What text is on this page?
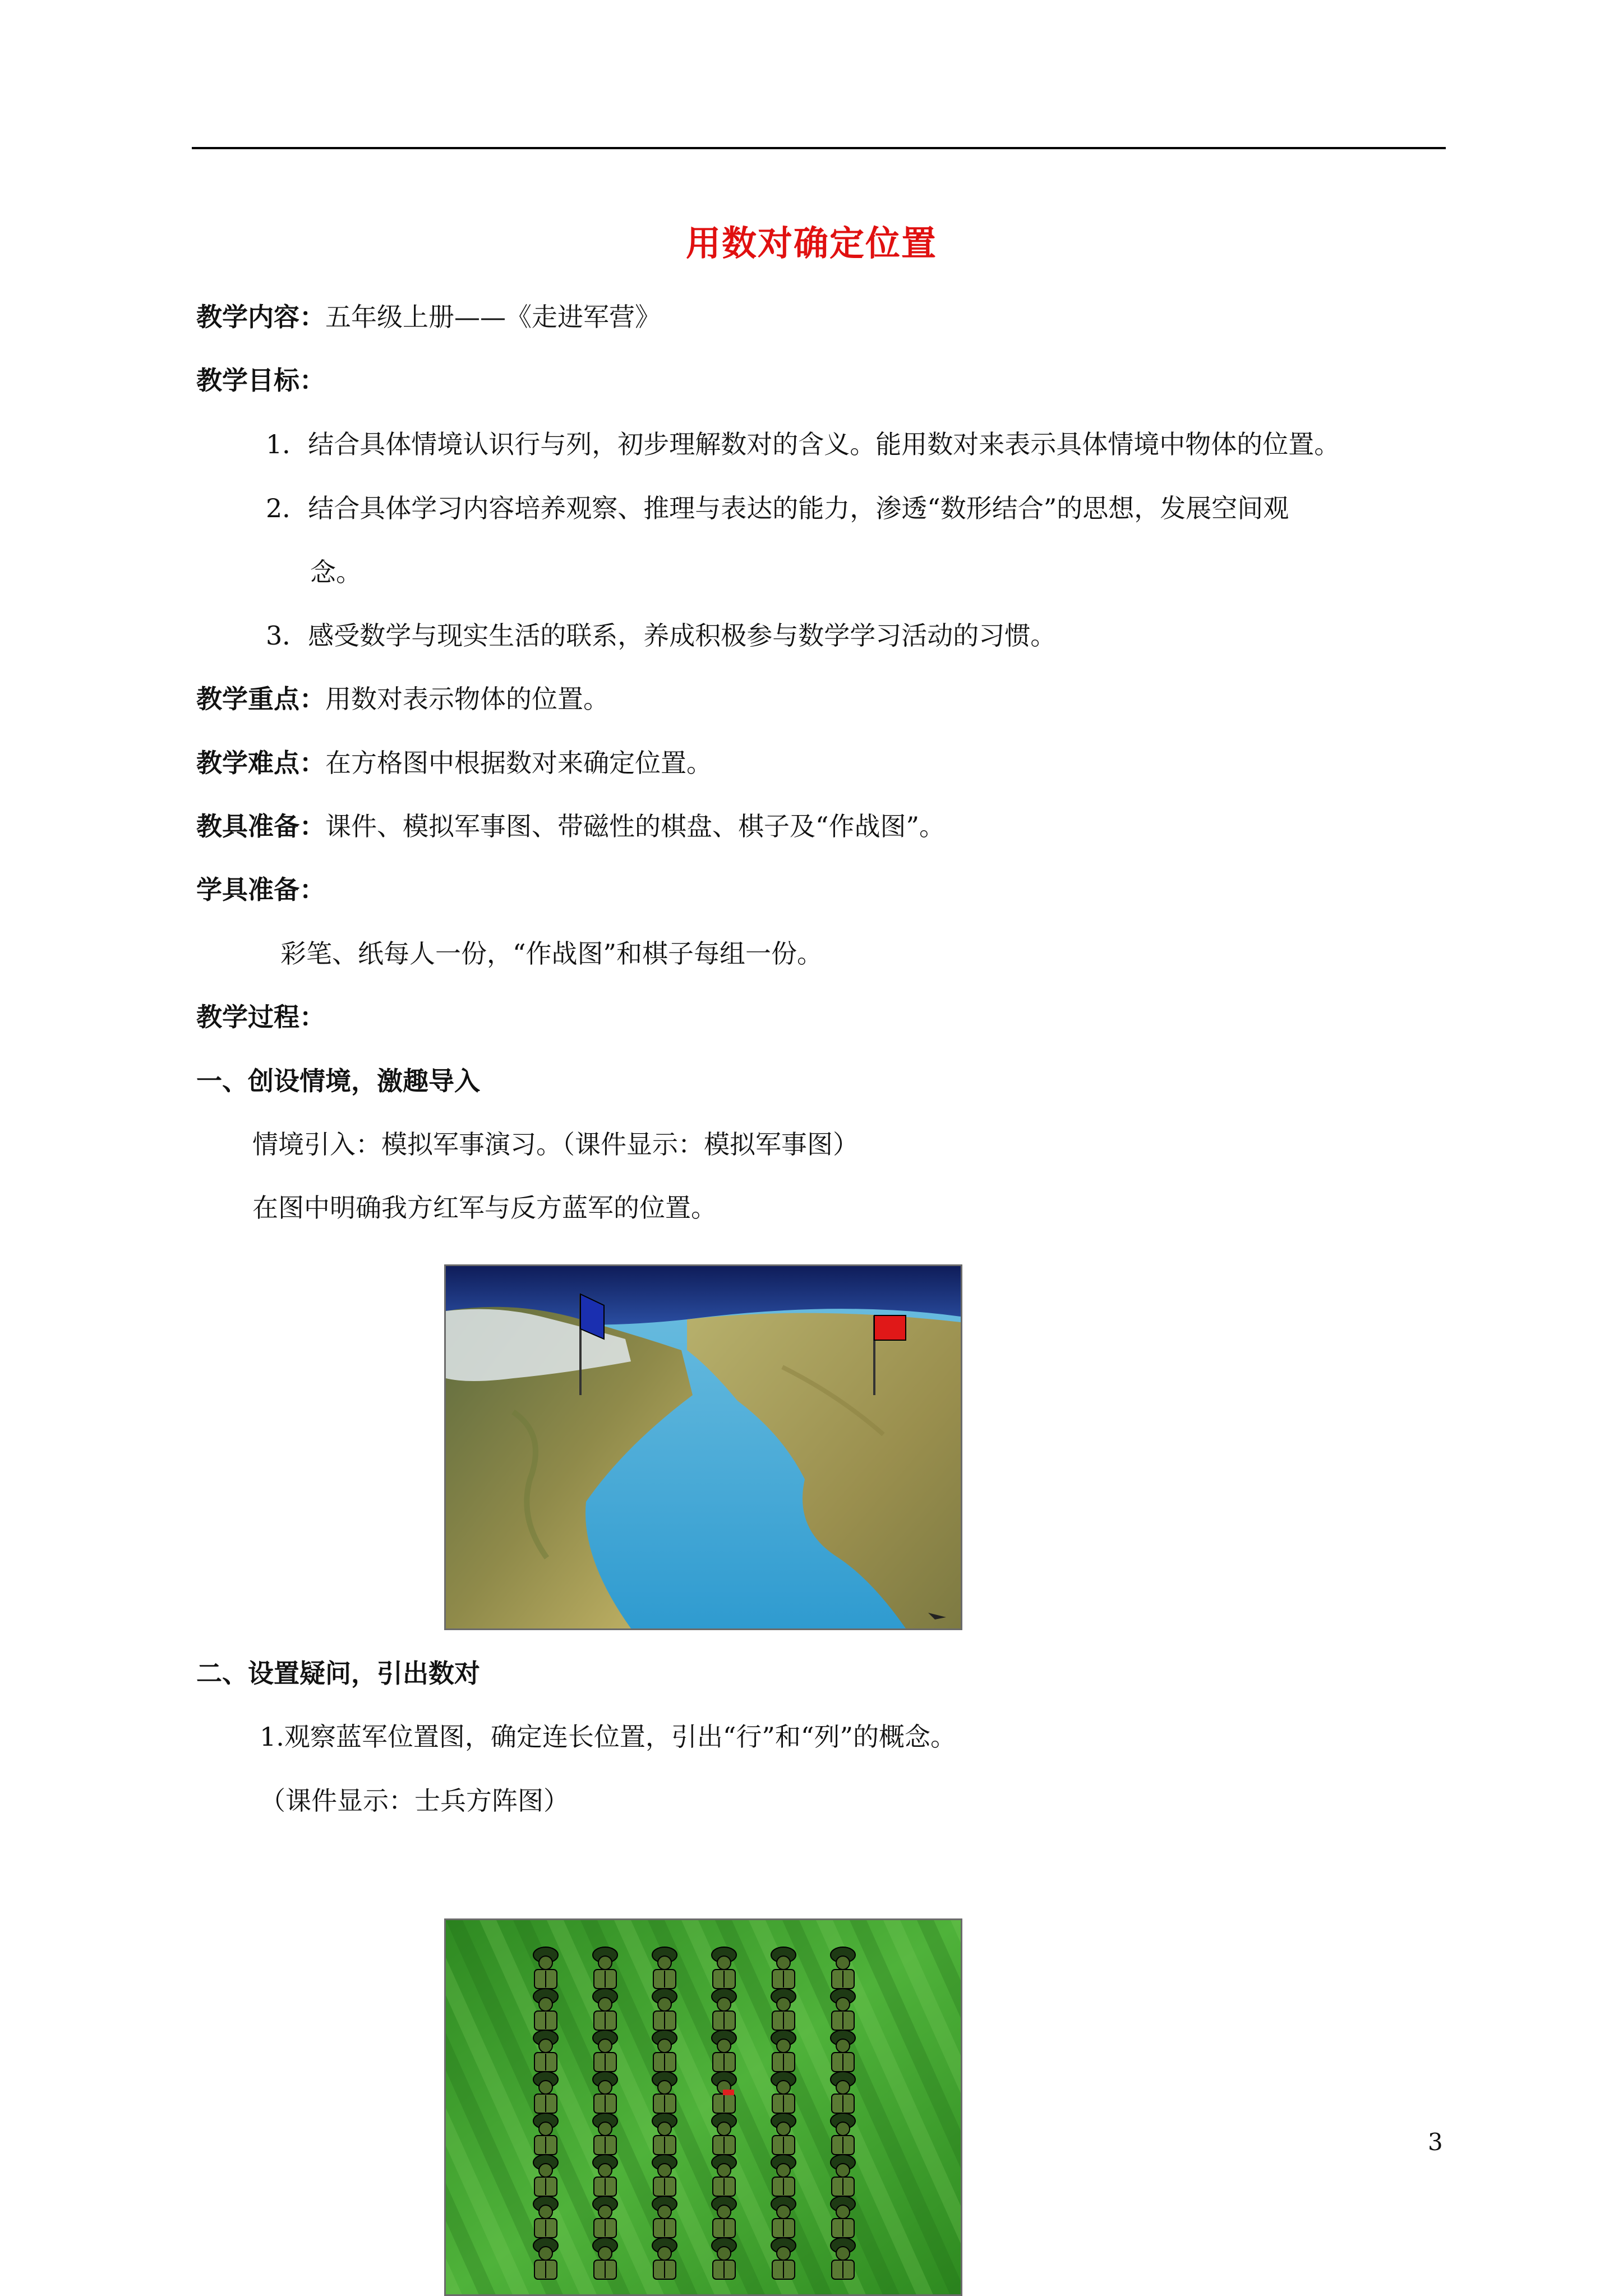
用数对确定位置
教学内容：五年级上册——《走进军营》
教学目标：
1．结合具体情境认识行与列，初步理解数对的含义。能用数对来表示具体情境中物体的位置。
2．结合具体学习内容培养观察、推理与表达的能力，渗透“数形结合”的思想，发展空间观
念。
3．感受数学与现实生活的联系，养成积极参与数学学习活动的习惯。
教学重点：用数对表示物体的位置。
教学难点：在方格图中根据数对来确定位置。
教具准备：课件、模拟军事图、带磁性的棋盘、棋子及“作战图”。
学具准备：
彩笔、纸每人一份，“作战图”和棋子每组一份。
教学过程：
一、创设情境，激趣导入
情境引入：模拟军事演习。（课件显示：模拟军事图）
在图中明确我方红军与反方蓝军的位置。
二、设置疑问，引出数对
1.观察蓝军位置图，确定连长位置，引出“行”和“列”的概念。
（课件显示：士兵方阵图）
3
